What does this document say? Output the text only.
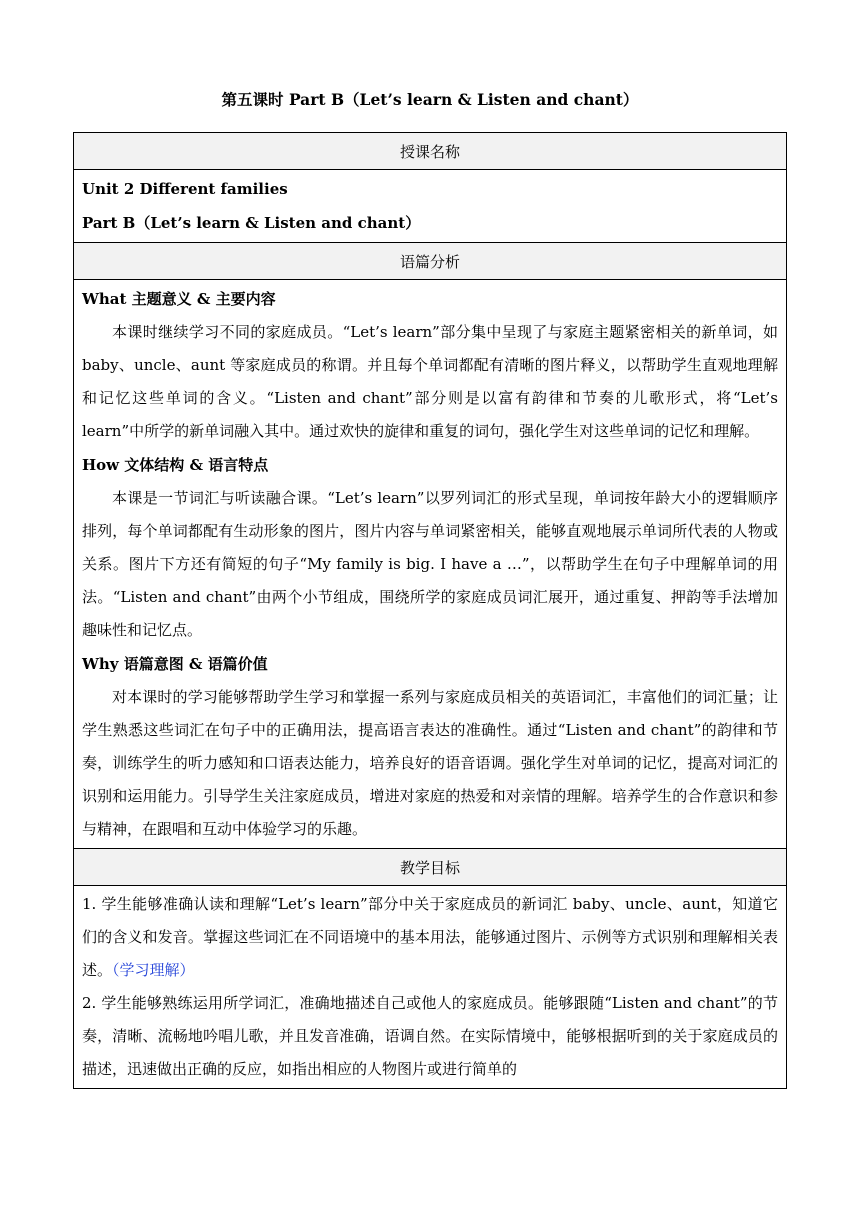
第五课时 Part B（Let’s learn & Listen and chant）
授课名称

Unit 2 Different families
Part B（Let’s learn & Listen and chant）

语篇分析

What 主题意义 & 主要内容

本课时继续学习不同的家庭成员。“Let’s learn”部分集中呈现了与家庭主题紧密相关的新单词，如 baby、uncle、aunt 等家庭成员的称谓。并且每个单词都配有清晰的图片释义，以帮助学生直观地理解和记忆这些单词的含义。“Listen and chant”部分则是以富有韵律和节奏的儿歌形式，将“Let’s learn”中所学的新单词融入其中。通过欢快的旋律和重复的词句，强化学生对这些单词的记忆和理解。

How 文体结构 & 语言特点

本课是一节词汇与听读融合课。“Let’s learn”以罗列词汇的形式呈现，单词按年龄大小的逻辑顺序排列，每个单词都配有生动形象的图片，图片内容与单词紧密相关，能够直观地展示单词所代表的人物或关系。图片下方还有简短的句子“My family is big. I have a …”，以帮助学生在句子中理解单词的用法。“Listen and chant”由两个小节组成，围绕所学的家庭成员词汇展开，通过重复、押韵等手法增加趣味性和记忆点。

Why 语篇意图 & 语篇价值

对本课时的学习能够帮助学生学习和掌握一系列与家庭成员相关的英语词汇，丰富他们的词汇量；让学生熟悉这些词汇在句子中的正确用法，提高语言表达的准确性。通过“Listen and chant”的韵律和节奏，训练学生的听力感知和口语表达能力，培养良好的语音语调。强化学生对单词的记忆，提高对词汇的识别和运用能力。引导学生关注家庭成员，增进对家庭的热爱和对亲情的理解。培养学生的合作意识和参与精神，在跟唱和互动中体验学习的乐趣。

教学目标

1. 学生能够准确认读和理解“Let’s learn”部分中关于家庭成员的新词汇 baby、uncle、aunt，知道它们的含义和发音。掌握这些词汇在不同语境中的基本用法，能够通过图片、示例等方式识别和理解相关表述。（学习理解）

2. 学生能够熟练运用所学词汇，准确地描述自己或他人的家庭成员。能够跟随“Listen and chant”的节奏，清晰、流畅地吟唱儿歌，并且发音准确，语调自然。在实际情境中，能够根据听到的关于家庭成员的描述，迅速做出正确的反应，如指出相应的人物图片或进行简单的
